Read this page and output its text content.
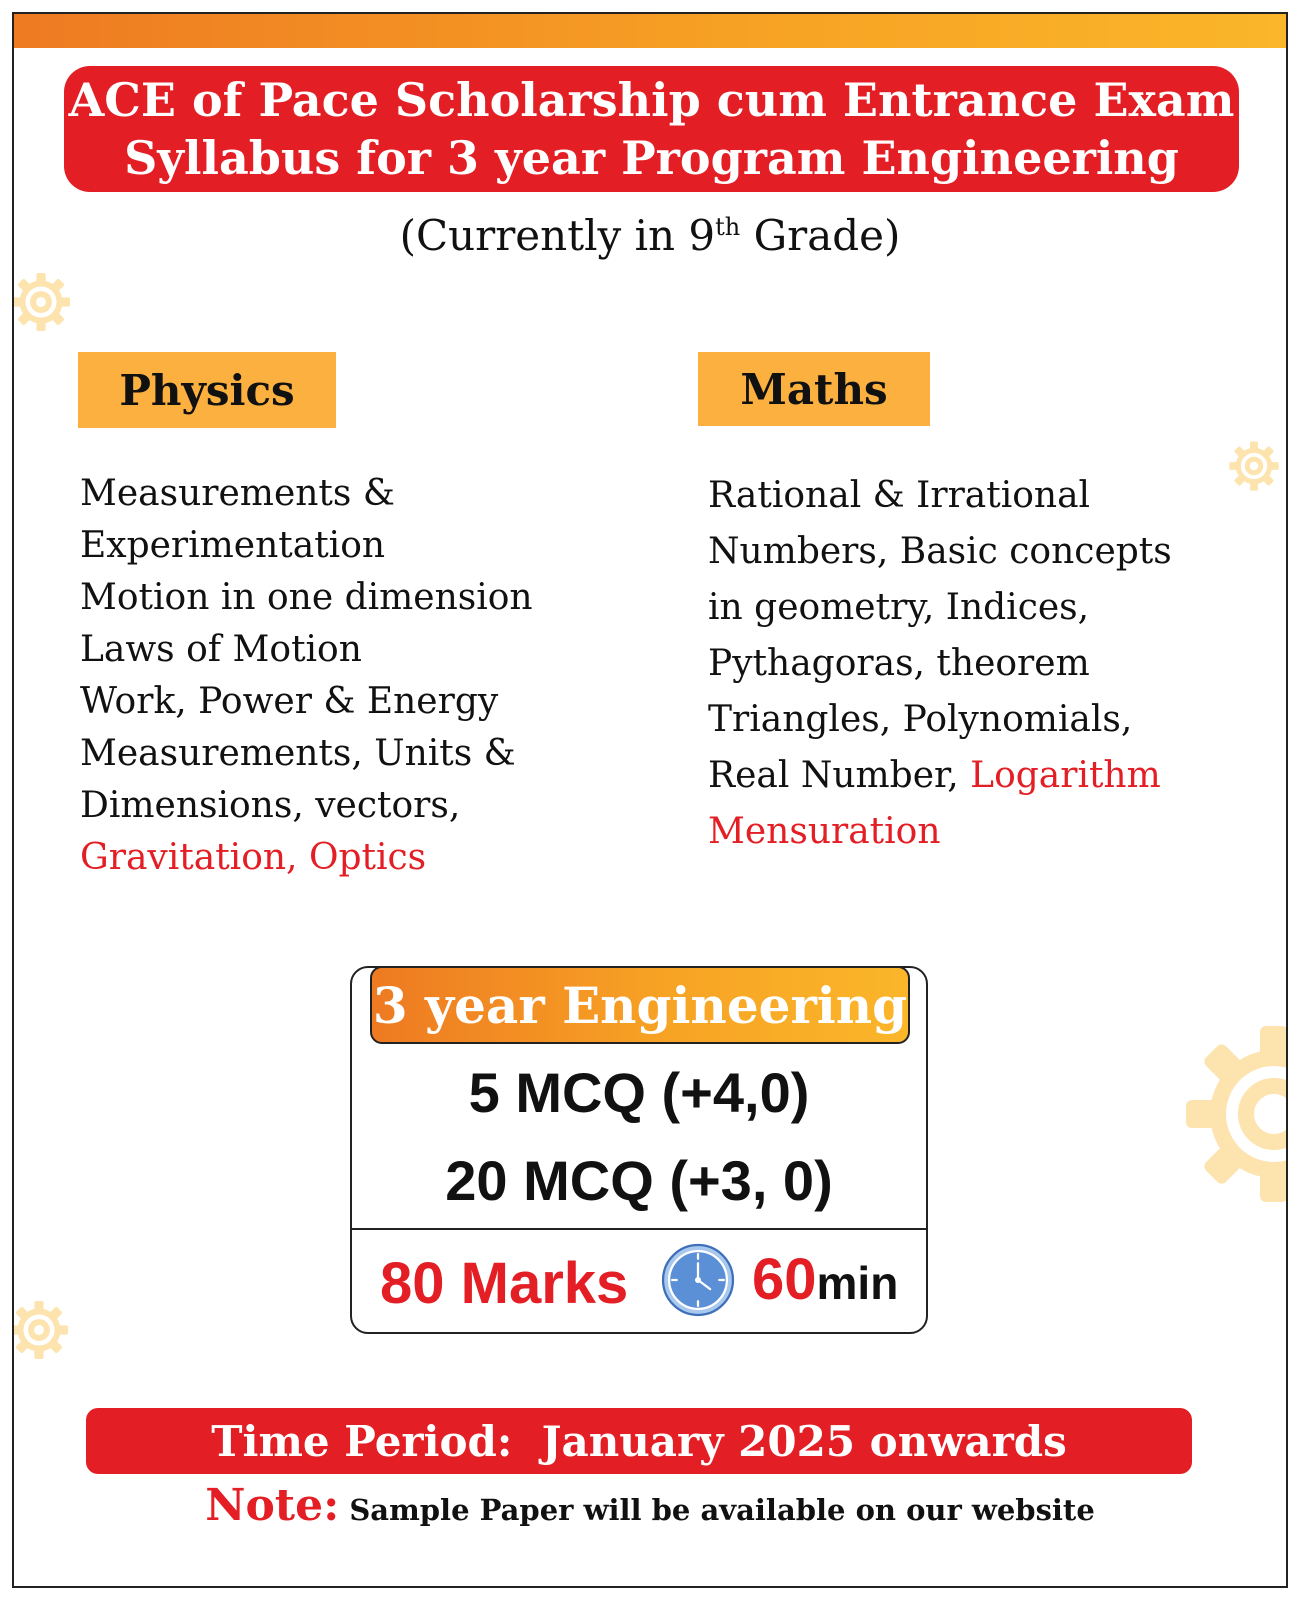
ACE of Pace Scholarship cum Entrance Exam
Syllabus for 3 year Program Engineering
(Currently in 9th Grade)
Physics
Measurements &
Experimentation
Motion in one dimension
Laws of Motion
Work, Power & Energy
Measurements, Units &
Dimensions, vectors,
Gravitation, Optics
Maths
Rational & Irrational
Numbers, Basic concepts
in geometry, Indices,
Pythagoras, theorem
Triangles, Polynomials,
Real Number, Logarithm
Mensuration
3 year Engineering
5 MCQ (+4,0)
20 MCQ (+3, 0)
80 Marks 60min
Time Period:  January 2025 onwards
Note: Sample Paper will be available on our website
